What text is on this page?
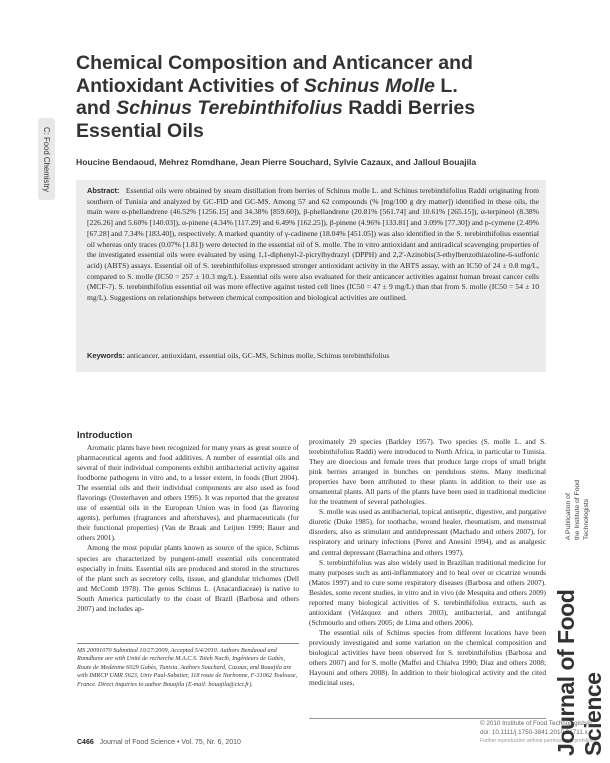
C: Food Chemistry
Chemical Composition and Anticancer and Antioxidant Activities of Schinus Molle L. and Schinus Terebinthifolius Raddi Berries Essential Oils
Houcine Bendaoud, Mehrez Romdhane, Jean Pierre Souchard, Sylvie Cazaux, and Jalloul Bouajila

Abstract: Essential oils were obtained by steam distillation from berries of Schinus molle L. and Schinus terebinthifolius Raddi originating from southern of Tunisia and analyzed by GC-FID and GC-MS. Among 57 and 62 compounds (% [mg/100 g dry matter]) identified in these oils, the main were α-phellandrene (46.52% [1256.15] and 34.38% [859.60]), β-phellandrene (20.81% [561.74] and 10.61% [265.15]), α-terpineol (8.38% [226.26] and 5.60% [140.03]), α-pinene (4.34% [117.29] and 6.49% [162.25]), β-pinene (4.96% [133.81] and 3.09% [77.30]) and p-cymene (2.49% [67.28] and 7.34% [183.40]), respectively. A marked quantity of γ-cadinene (18.04% [451.05]) was also identified in the S. terebinthifolius essential oil whereas only traces (0.07% [1.81]) were detected in the essential oil of S. molle. The in vitro antioxidant and antiradical scavenging properties of the investigated essential oils were evaluated by using 1,1-diphenyl-2-picrylhydrazyl (DPPH) and 2,2'-Azinobis(3-ethylbenzothiazoline-6-sulfonic acid) (ABTS) assays. Essential oil of S. terebinthifolius expressed stronger antioxidant activity in the ABTS assay, with an IC50 of 24 ± 0.8 mg/L, compared to S. molle (IC50 = 257 ± 10.3 mg/L). Essential oils were also evaluated for their anticancer activities against human breast cancer cells (MCF-7). S. terebinthifolius essential oil was more effective against tested cell lines (IC50 = 47 ± 9 mg/L) than that from S. molle (IC50 = 54 ± 10 mg/L). Suggestions on relationships between chemical composition and biological activities are outlined.

Keywords: anticancer, antioxidant, essential oils, GC-MS, Schinus molle, Schinus terebinthifolius

Introduction

Aromatic plants have been recognized for many years as great source of pharmaceutical agents and food additives. A number of essential oils and several of their individual components exhibit antibacterial activity against foodborne pathogens in vitro and, to a lesser extent, in foods (Burt 2004). The essential oils and their individual components are also used as food flavorings (Oosterhaven and others 1995). It was reported that the greatest use of essential oils in the European Union was in food (as flavoring agents), perfumes (fragrances and aftershaves), and pharmaceuticals (for their functional properties) (Van de Braak and Leijten 1999; Bauer and others 2001).

Among the most popular plants known as source of the spice, Schinus species are characterized by pungent-smell essential oils concentrated especially in fruits. Essential oils are produced and stored in the structures of the plant such as secretory cells, tissue, and glandular trichomes (Dell and McComb 1978). The genus Schinus L. (Anacardiaceae) is native to South America particularly to the coast of Brazil (Barbosa and others 2007) and includes ap-

proximately 29 species (Barkley 1957). Two species (S. molle L. and S. terebinthifolius Raddi) were introduced to North Africa, in particular to Tunisia. They are dioecious and female trees that produce large crops of small bright pink berries arranged in bunches on pendulous stems. Many medicinal properties have been attributed to these plants in addition to their use as ornamental plants. All parts of the plants have been used in traditional medicine for the treatment of several pathologies.

S. molle was used as antibacterial, topical antiseptic, digestive, and purgative diuretic (Duke 1985), for toothache, wound healer, rheumatism, and menstrual disorders, also as stimulant and antidepressant (Machado and others 2007), for respiratory and urinary infections (Perez and Anesini 1994), and as analgesic and central depressant (Barrachina and others 1997).

S. terebinthifolius was also widely used in Brazilian traditional medicine for many purposes such as anti-inflammatory and to heal over or cicatrize wounds (Matos 1997) and to cure some respiratory diseases (Barbosa and others 2007). Besides, some recent studies, in vitro and in vivo (de Mesquita and others 2009) reported many biological activities of S. terebinthifolius extracts, such as antioxidant (Velázquez and others 2003), antibacterial, and antifungal (Schmourlo and others 2005; de Lima and others 2006).

The essential oils of Schinus species from different locations have been previously investigated and some variation on the chemical composition and biological activities have been observed for S. terebinthifolius (Barbosa and others 2007) and for S. molle (Maffei and Chialva 1990; Diaz and others 2008; Hayouni and others 2008). In addition to their biological activity and the cited medicinal uses,

MS 20091070 Submitted 10/27/2009, Accepted 5/4/2010. Authors Bendaoud and Romdhane are with Unité de recherche M.A.C.S. Taïeb Nacib, Ingénieurs de Gabès, Route de Medenine 6029 Gabès, Tunisia. Authors Souchard, Cazaux, and Bouajila are with IMRCP UMR 5623, Univ Paul-Sabatier, 118 route de Narbonne, F-31062 Toulouse, France. Direct inquiries to author Bouajila (E-mail: bouajila@cict.fr).

C466 Journal of Food Science • Vol. 75, Nr. 6, 2010
© 2010 Institute of Food Technologists®
doi: 10.1111/j.1750-3841.2010.01711.x
Further reproduction without permission is prohibited
A Publication of the Institute of Food Technologists
Journal of Food Science
